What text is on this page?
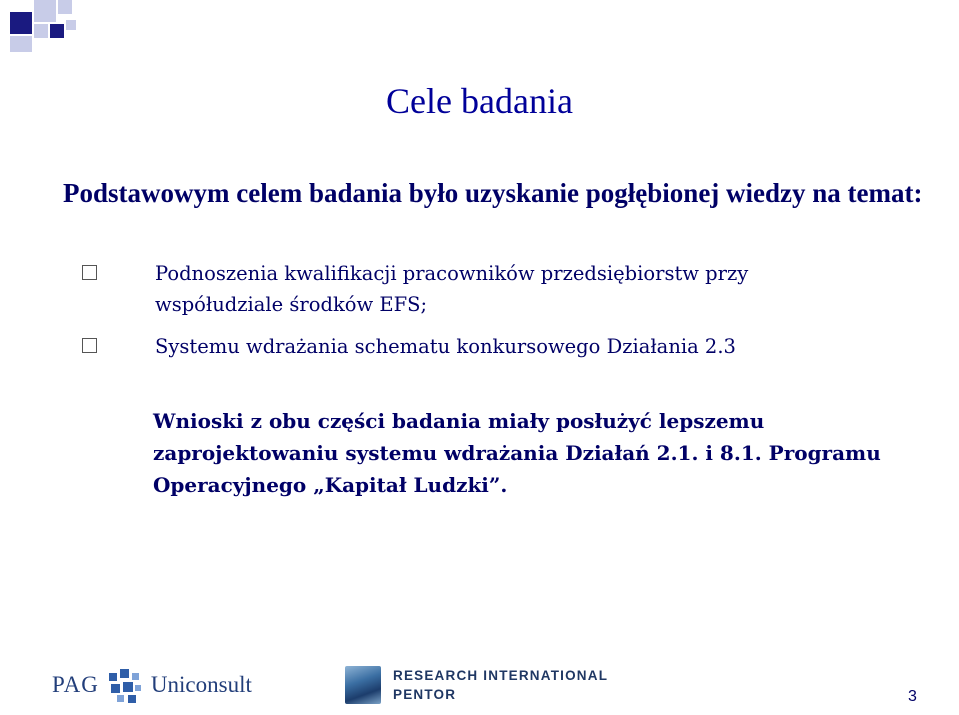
Cele badania
Podstawowym celem badania było uzyskanie pogłębionej wiedzy na temat:
Podnoszenia kwalifikacji pracowników przedsiębiorstw przy współudziale środków EFS;
Systemu wdrażania schematu konkursowego Działania 2.3
Wnioski z obu części badania miały posłużyć lepszemu zaprojektowaniu systemu wdrażania Działań 2.1. i 8.1. Programu Operacyjnego „Kapitał Ludzki”.
PAG Uniconsult	RESEARCH INTERNATIONAL
PENTOR	3
